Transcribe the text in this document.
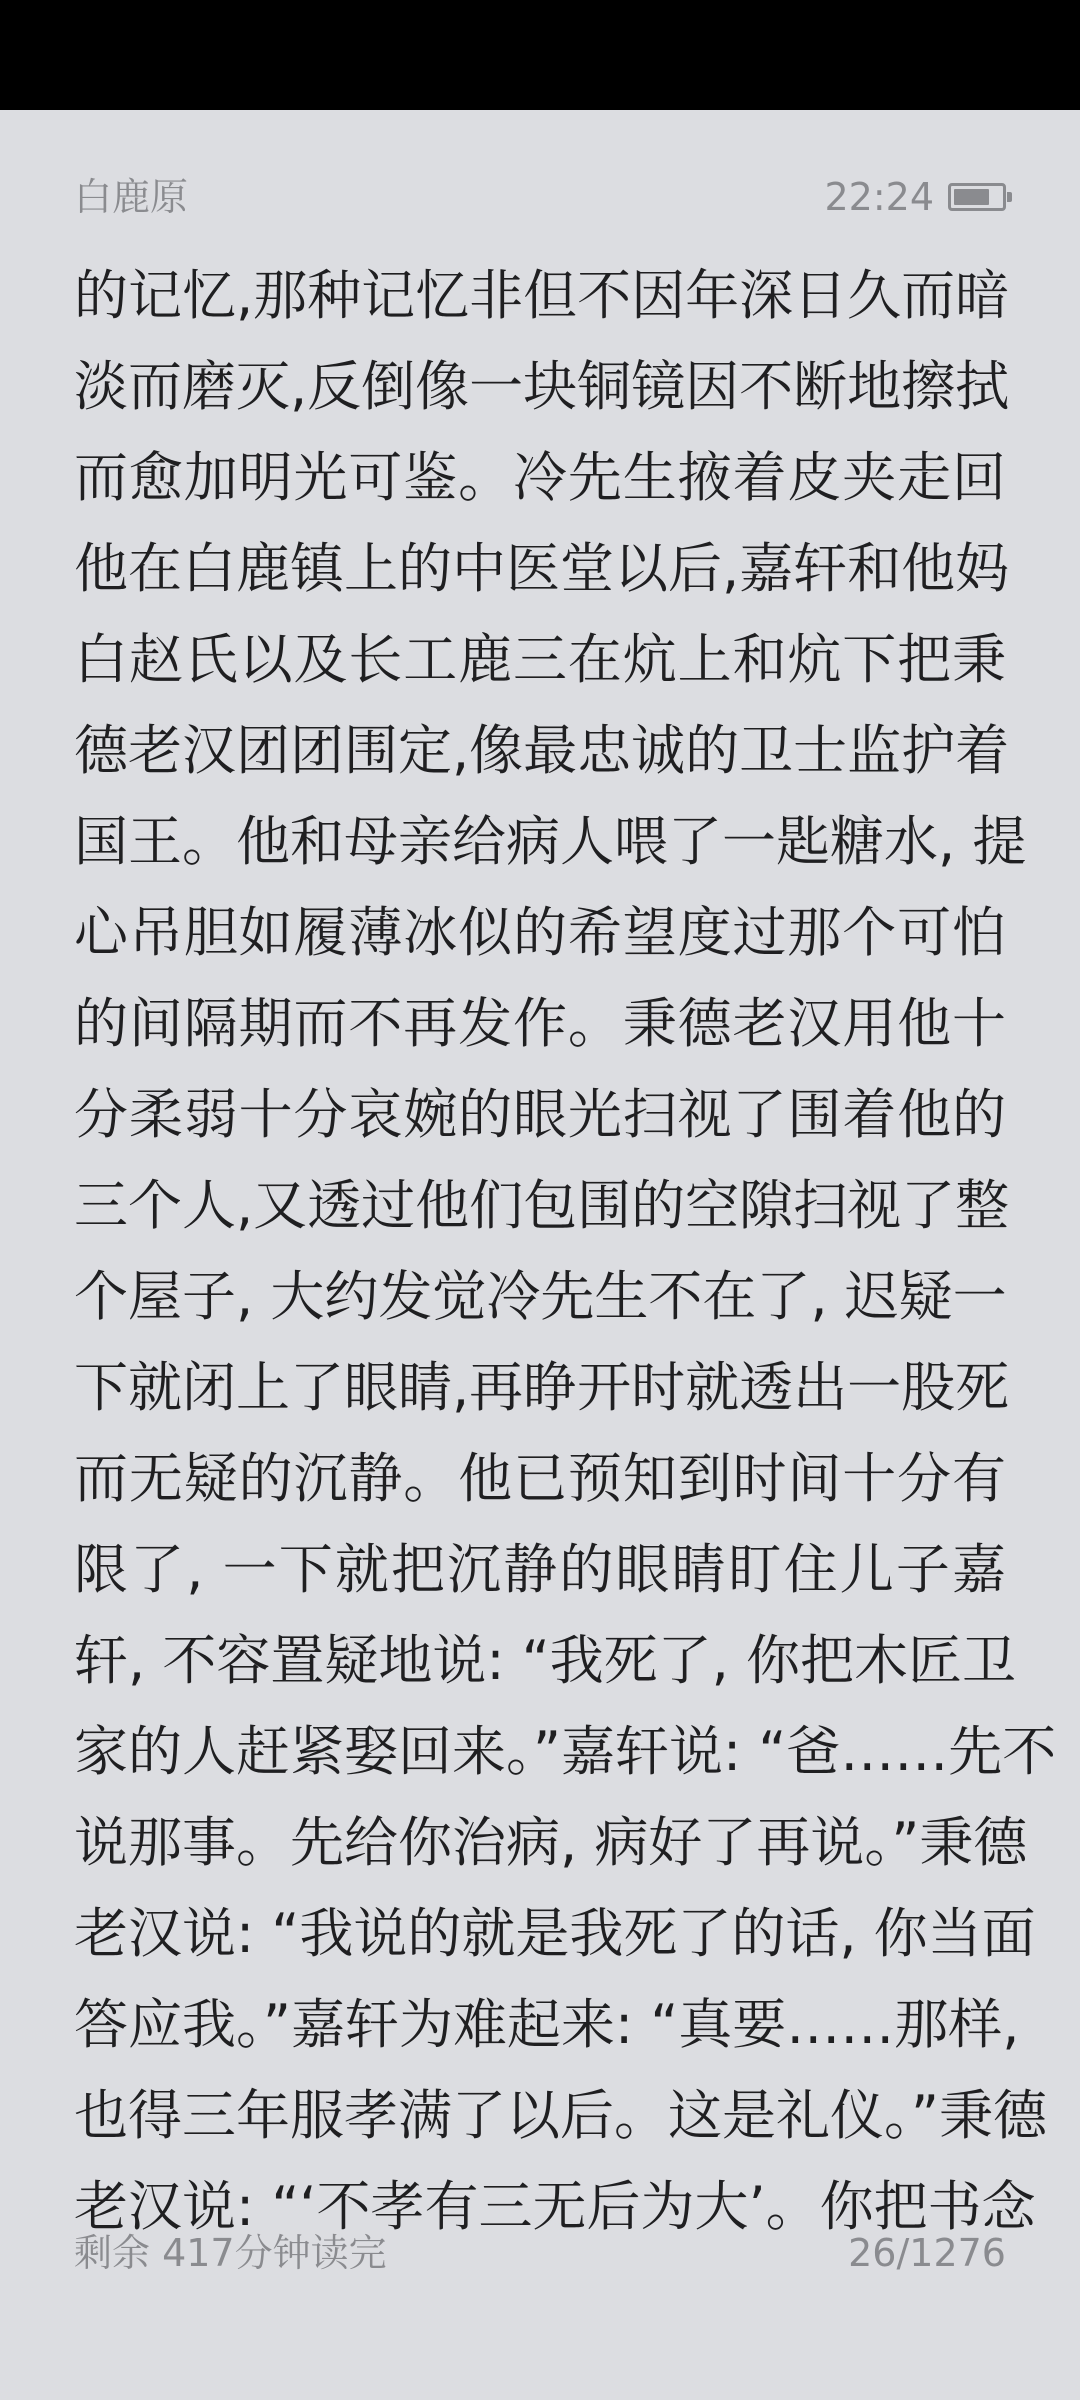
白鹿原	22:24
的记忆,那种记忆非但不因年深日久而暗
淡而磨灭,反倒像一块铜镜因不断地擦拭
而愈加明光可鉴。冷先生掖着皮夹走回
他在白鹿镇上的中医堂以后,嘉轩和他妈
白赵氏以及长工鹿三在炕上和炕下把秉
德老汉团团围定,像最忠诚的卫士监护着
国王。他和母亲给病人喂了一匙糖水, 提
心吊胆如履薄冰似的希望度过那个可怕
的间隔期而不再发作。秉德老汉用他十
分柔弱十分哀婉的眼光扫视了围着他的
三个人,又透过他们包围的空隙扫视了整
个屋子, 大约发觉冷先生不在了, 迟疑一
下就闭上了眼睛,再睁开时就透出一股死
而无疑的沉静。他已预知到时间十分有
限了, 一下就把沉静的眼睛盯住儿子嘉
轩, 不容置疑地说: “我死了, 你把木匠卫
家的人赶紧娶回来。”嘉轩说: “爸……先不
说那事。先给你治病, 病好了再说。”秉德
老汉说: “我说的就是我死了的话, 你当面
答应我。”嘉轩为难起来: “真要……那样,
也得三年服孝满了以后。这是礼仪。”秉德
老汉说: “‘不孝有三无后为大’。你把书念
剩余 417分钟读完	26/1276
